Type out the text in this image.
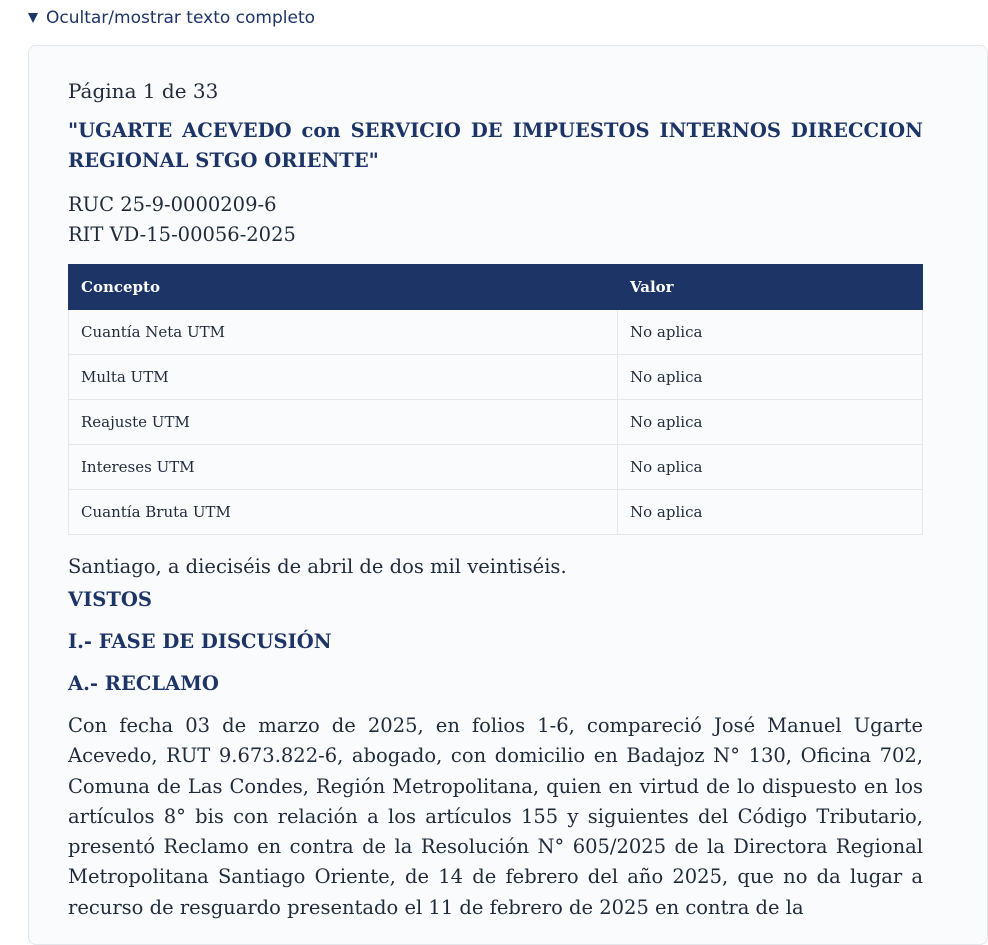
Ocultar/mostrar texto completo

Página 1 de 33

"UGARTE ACEVEDO con SERVICIO DE IMPUESTOS INTERNOS DIRECCION REGIONAL STGO ORIENTE"

RUC 25-9-0000209-6
RIT VD-15-00056-2025
Concepto	Valor
Cuantía Neta UTM	No aplica
Multa UTM	No aplica
Reajuste UTM	No aplica
Intereses UTM	No aplica
Cuantía Bruta UTM	No aplica
Santiago, a dieciséis de abril de dos mil veintiséis.
VISTOS
I.- FASE DE DISCUSIÓN
A.- RECLAMO
Con fecha 03 de marzo de 2025, en folios 1-6, compareció José Manuel Ugarte Acevedo, RUT 9.673.822-6, abogado, con domicilio en Badajoz N° 130, Oficina 702, Comuna de Las Condes, Región Metropolitana, quien en virtud de lo dispuesto en los artículos 8° bis con relación a los artículos 155 y siguientes del Código Tributario, presentó Reclamo en contra de la Resolución N° 605/2025 de la Directora Regional Metropolitana Santiago Oriente, de 14 de febrero del año 2025, que no da lugar a recurso de resguardo presentado el 11 de febrero de 2025 en contra de la
